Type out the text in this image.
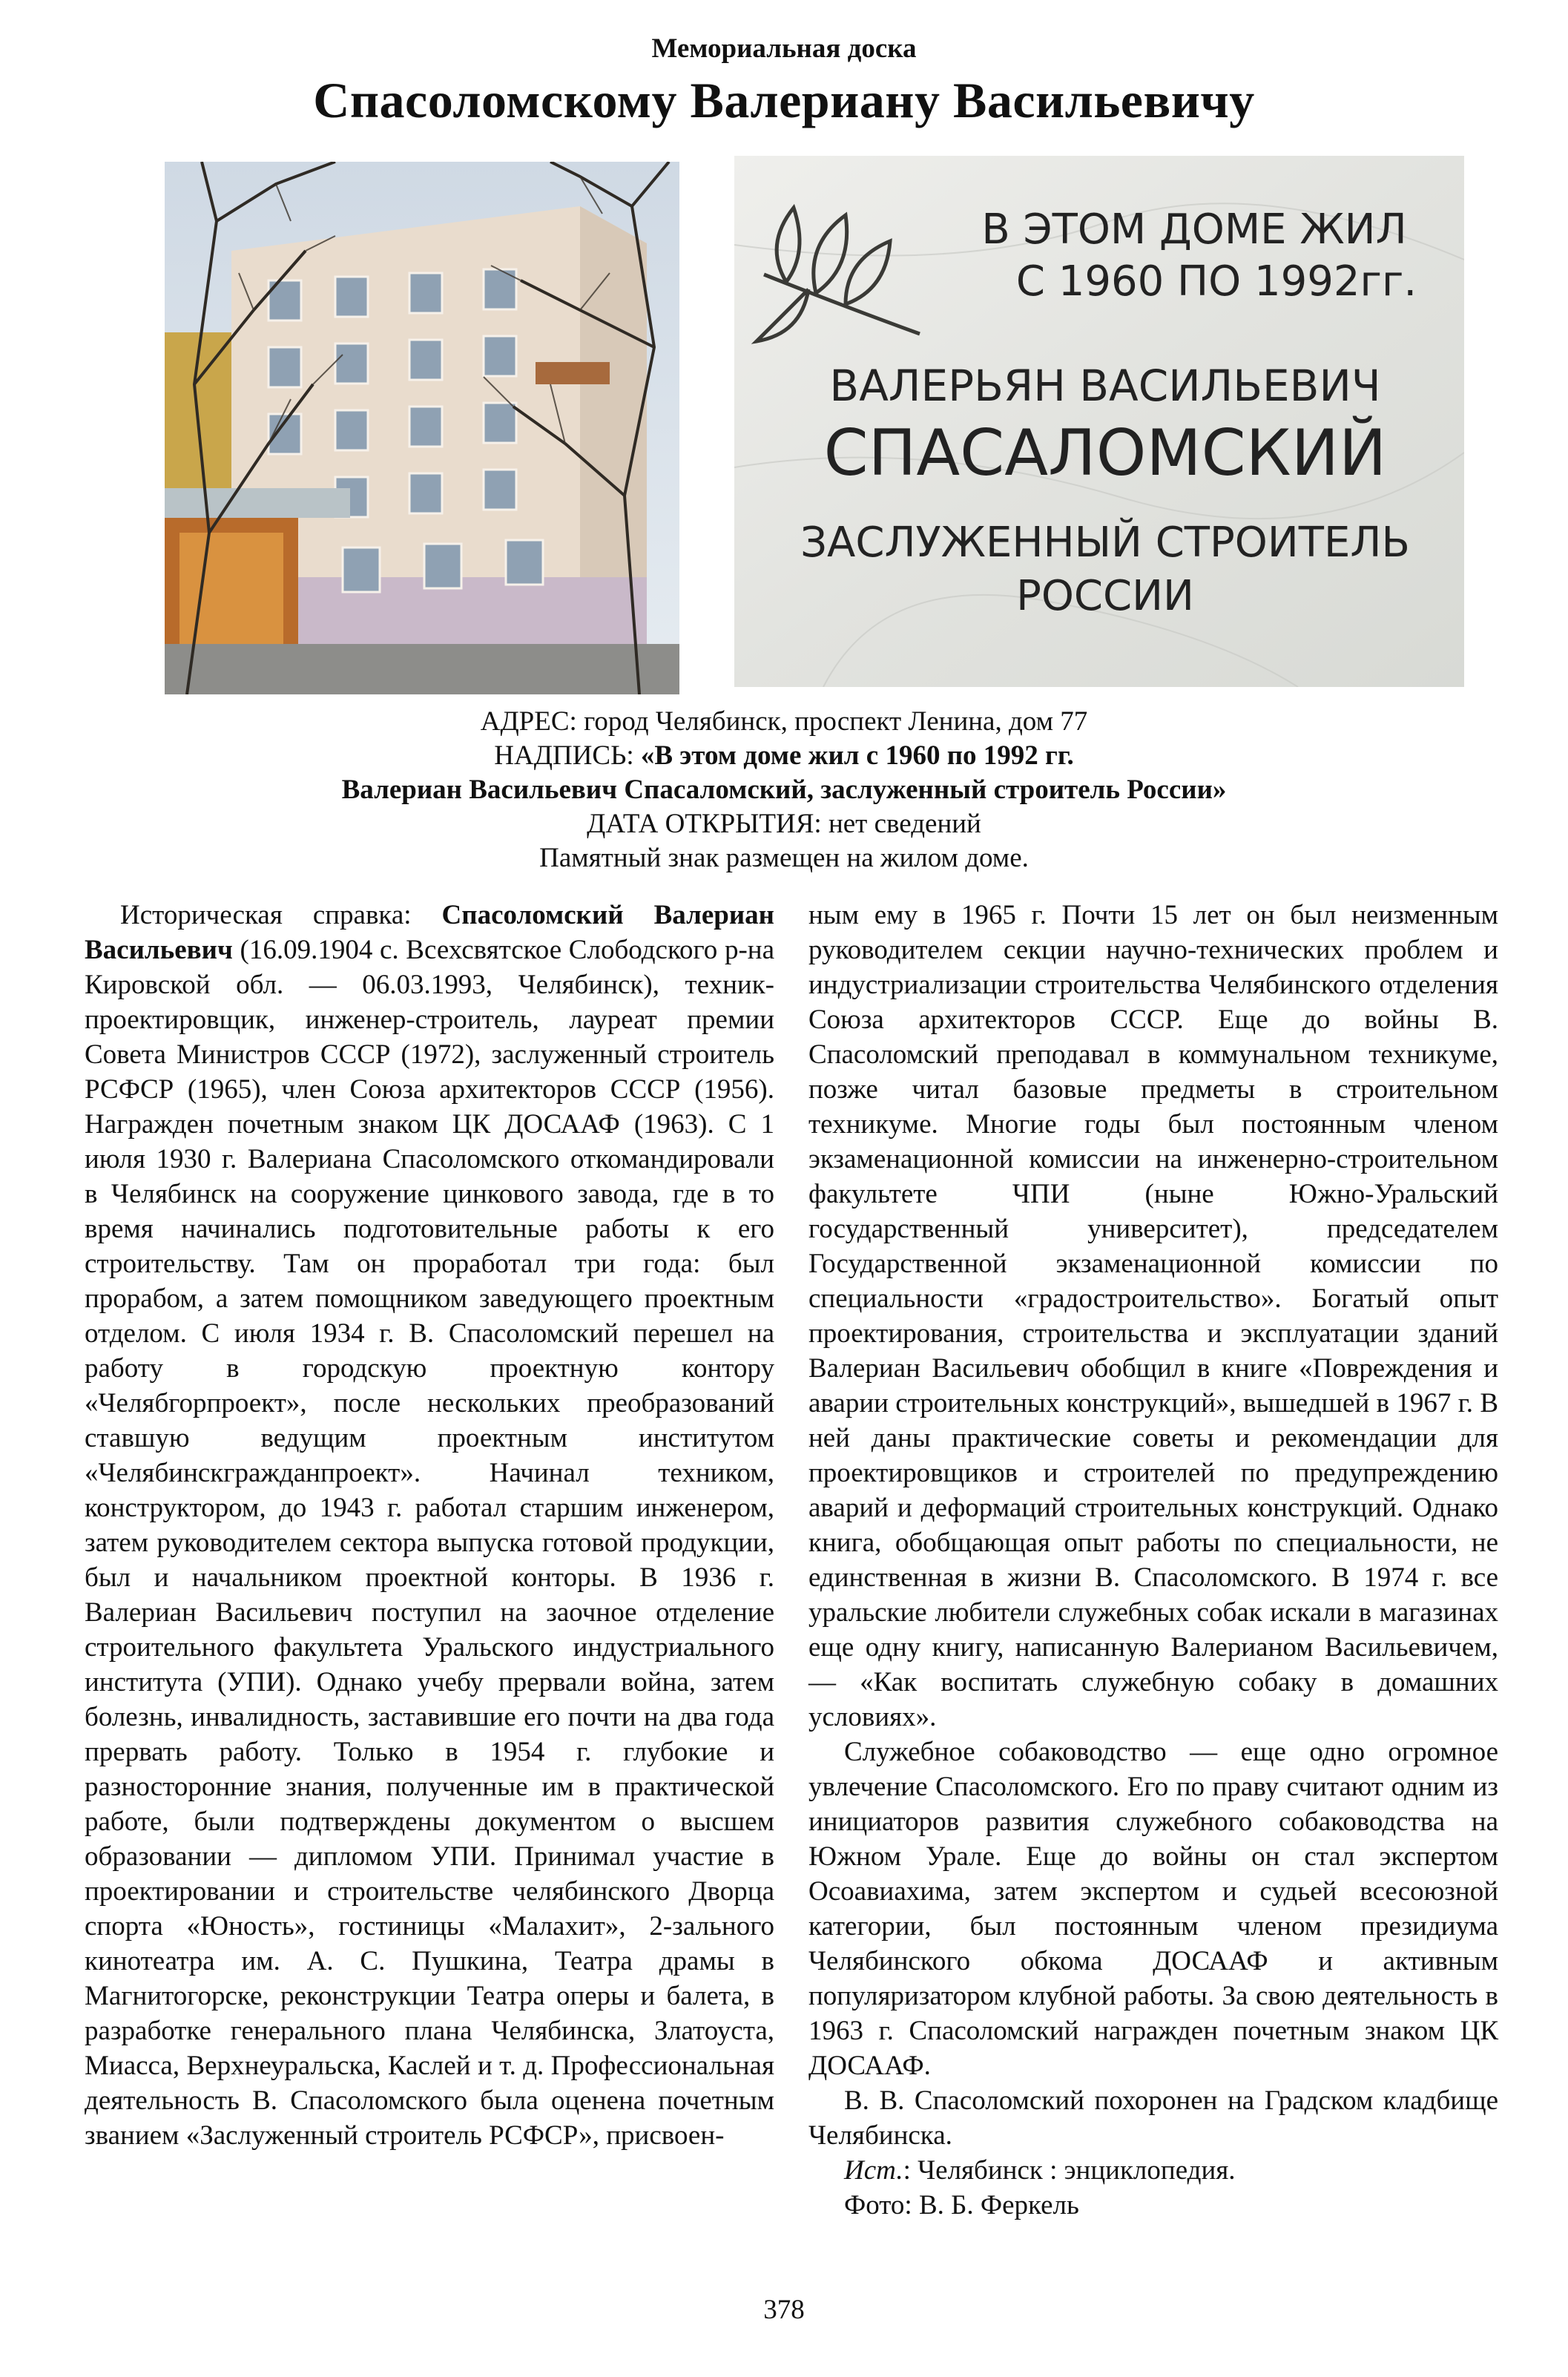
Мемориальная доска
Спасоломскому Валериану Васильевичу
В ЭТОМ ДОМЕ ЖИЛ
С 1960 ПО 1992гг.
ВАЛЕРЬЯН ВАСИЛЬЕВИЧ
СПАСАЛОМСКИЙ
ЗАСЛУЖЕННЫЙ СТРОИТЕЛЬ
РОССИИ
АДРЕС: город Челябинск, проспект Ленина, дом 77
НАДПИСЬ: «В этом доме жил с 1960 по 1992 гг.
Валериан Васильевич Спасаломский, заслуженный строитель России»
ДАТА ОТКРЫТИЯ: нет сведений
Памятный знак размещен на жилом доме.

Историческая справка: Спасоломский Валериан Васильевич (16.09.1904 с. Всехсвятское Слободского р-на Кировской обл. — 06.03.1993, Челябинск), техник-проектировщик, инженер-строитель, лауреат премии Совета Министров СССР (1972), заслуженный строитель РСФСР (1965), член Союза архитекторов СССР (1956). Награжден почетным знаком ЦК ДОСААФ (1963). С 1 июля 1930 г. Валериана Спасоломского откомандировали в Челябинск на сооружение цинкового завода, где в то время начинались подготовительные работы к его строительству. Там он проработал три года: был прорабом, а затем помощником заведующего проектным отделом. С июля 1934 г. В. Спасоломский перешел на работу в городскую проектную контору «Челябгорпроект», после нескольких преобразований ставшую ведущим проектным институтом «Челябинскгражданпроект». Начинал техником, конструктором, до 1943 г. работал старшим инженером, затем руководителем сектора выпуска готовой продукции, был и начальником проектной конторы. В 1936 г. Валериан Васильевич поступил на заочное отделение строительного факультета Уральского индустриального института (УПИ). Однако учебу прервали война, затем болезнь, инвалидность, заставившие его почти на два года прервать работу. Только в 1954 г. глубокие и разносторонние знания, полученные им в практической работе, были подтверждены документом о высшем образовании — дипломом УПИ. Принимал участие в проектировании и строительстве челябинского Дворца спорта «Юность», гостиницы «Малахит», 2-зального кинотеатра им. А. С. Пушкина, Театра драмы в Магнитогорске, реконструкции Театра оперы и балета, в разработке генерального плана Челябинска, Златоуста, Миасса, Верхнеуральска, Каслей и т. д. Профессиональная деятельность В. Спасоломского была оценена почетным званием «Заслуженный строитель РСФСР», присвоен-

ным ему в 1965 г. Почти 15 лет он был неизменным руководителем секции научно-технических проблем и индустриализации строительства Челябинского отделения Союза архитекторов СССР. Еще до войны В. Спасоломский преподавал в коммунальном техникуме, позже читал базовые предметы в строительном техникуме. Многие годы был постоянным членом экзаменационной комиссии на инженерно-строительном факультете ЧПИ (ныне Южно-Уральский государственный университет), председателем Государственной экзаменационной комиссии по специальности «градостроительство». Богатый опыт проектирования, строительства и эксплуатации зданий Валериан Васильевич обобщил в книге «Повреждения и аварии строительных конструкций», вышедшей в 1967 г. В ней даны практические советы и рекомендации для проектировщиков и строителей по предупреждению аварий и деформаций строительных конструкций. Однако книга, обобщающая опыт работы по специальности, не единственная в жизни В. Спасоломского. В 1974 г. все уральские любители служебных собак искали в магазинах еще одну книгу, написанную Валерианом Васильевичем, — «Как воспитать служебную собаку в домашних условиях».

Служебное собаководство — еще одно огромное увлечение Спасоломского. Его по праву считают одним из инициаторов развития служебного собаководства на Южном Урале. Еще до войны он стал экспертом Осоавиахима, затем экспертом и судьей всесоюзной категории, был постоянным членом президиума Челябинского обкома ДОСААФ и активным популяризатором клубной работы. За свою деятельность в 1963 г. Спасоломский награжден почетным знаком ЦК ДОСААФ.

В. В. Спасоломский похоронен на Градском кладбище Челябинска.

Ист.: Челябинск : энциклопедия.

Фото: В. Б. Феркель

378
